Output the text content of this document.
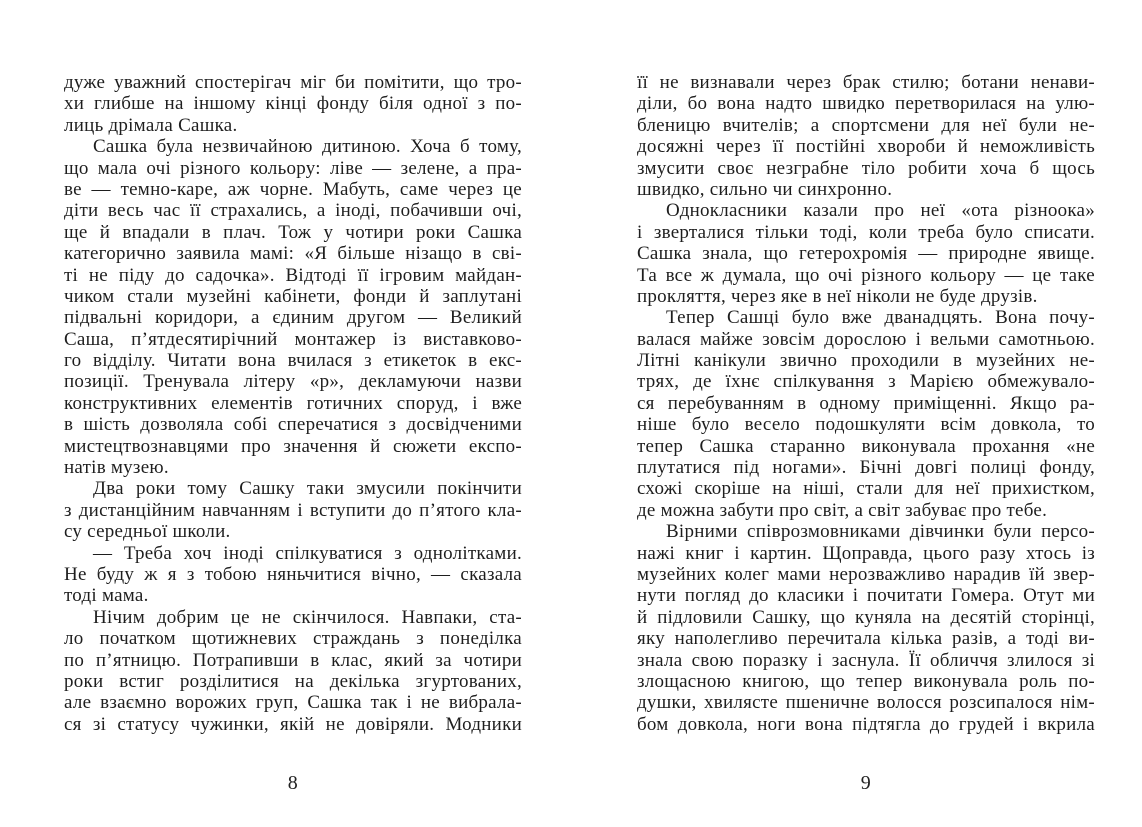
дуже уважний спостерігач міг би помітити, що тро-
хи глибше на іншому кінці фонду біля одної з по-
лиць дрімала Сашка.
Сашка була незвичайною дитиною. Хоча б тому,
що мала очі різного кольору: ліве — зелене, а пра-
ве — темно-каре, аж чорне. Мабуть, саме через це
діти весь час її страхались, а іноді, побачивши очі,
ще й впадали в плач. Тож у чотири роки Сашка
категорично заявила мамі: «Я більше нізащо в сві-
ті не піду до садочка». Відтоді її ігровим майдан-
чиком стали музейні кабінети, фонди й заплутані
підвальні коридори, а єдиним другом — Великий
Саша, п’ятдесятирічний монтажер із виставково-
го відділу. Читати вона вчилася з етикеток в екс-
позиції. Тренувала літеру «р», декламуючи назви
конструктивних елементів готичних споруд, і вже
в шість дозволяла собі сперечатися з досвідченими
мистецтвознавцями про значення й сюжети експо-
натів музею.
Два роки тому Сашку таки змусили покінчити
з дистанційним навчанням і вступити до п’ятого кла-
су середньої школи.
— Треба хоч іноді спілкуватися з однолітками.
Не буду ж я з тобою няньчитися вічно, — сказала
тоді мама.
Нічим добрим це не скінчилося. Навпаки, ста-
ло початком щотижневих страждань з понеділка
по п’ятницю. Потрапивши в клас, який за чотири
роки встиг розділитися на декілька згуртованих,
але взаємно ворожих груп, Сашка так і не вибрала-
ся зі статусу чужинки, якій не довіряли. Модники
8
її не визнавали через брак стилю; ботани ненави-
діли, бо вона надто швидко перетворилася на улю-
бленицю вчителів; а спортсмени для неї були не-
досяжні через її постійні хвороби й неможливість
змусити своє незграбне тіло робити хоча б щось
швидко, сильно чи синхронно.
Однокласники казали про неї «ота різноока»
і зверталися тільки тоді, коли треба було списати.
Сашка знала, що гетерохромія — природне явище.
Та все ж думала, що очі різного кольору — це таке
прокляття, через яке в неї ніколи не буде друзів.
Тепер Сашці було вже дванадцять. Вона почу-
валася майже зовсім дорослою і вельми самотньою.
Літні канікули звично проходили в музейних не-
трях, де їхнє спілкування з Марією обмежувало-
ся перебуванням в одному приміщенні. Якщо ра-
ніше було весело подошкуляти всім довкола, то
тепер Сашка старанно виконувала прохання «не
плутатися під ногами». Бічні довгі полиці фонду,
схожі скоріше на ніші, стали для неї прихистком,
де можна забути про світ, а світ забуває про тебе.
Вірними співрозмовниками дівчинки були персо-
нажі книг і картин. Щоправда, цього разу хтось із
музейних колег мами нерозважливо нарадив їй звер-
нути погляд до класики і почитати Гомера. Отут ми
й підловили Сашку, що куняла на десятій сторінці,
яку наполегливо перечитала кілька разів, а тоді ви-
знала свою поразку і заснула. Її обличчя злилося зі
злощасною книгою, що тепер виконувала роль по-
душки, хвилясте пшеничне волосся розсипалося нім-
бом довкола, ноги вона підтягла до грудей і вкрила
9
